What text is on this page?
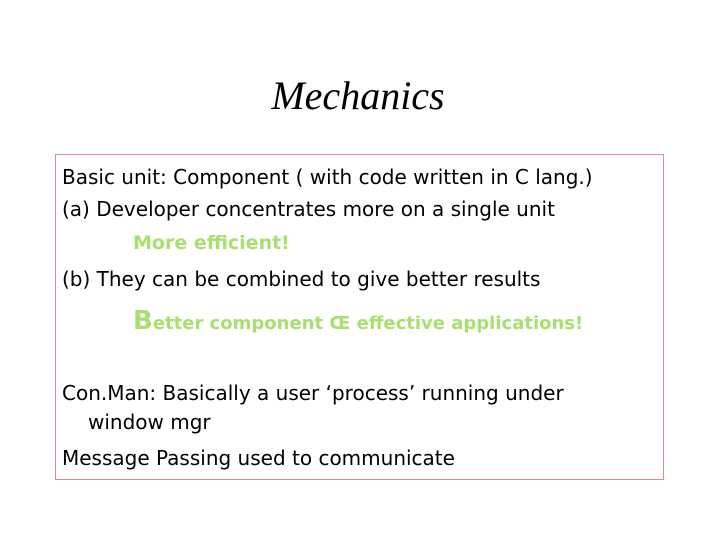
Mechanics
Basic unit: Component ( with code written in C lang.)
(a) Developer concentrates more on a single unit
More efficient!
(b) They can be combined to give better results
Better component Œ effective applications!
Con.Man: Basically a user ‘process’ running under
window mgr
Message Passing used to communicate
